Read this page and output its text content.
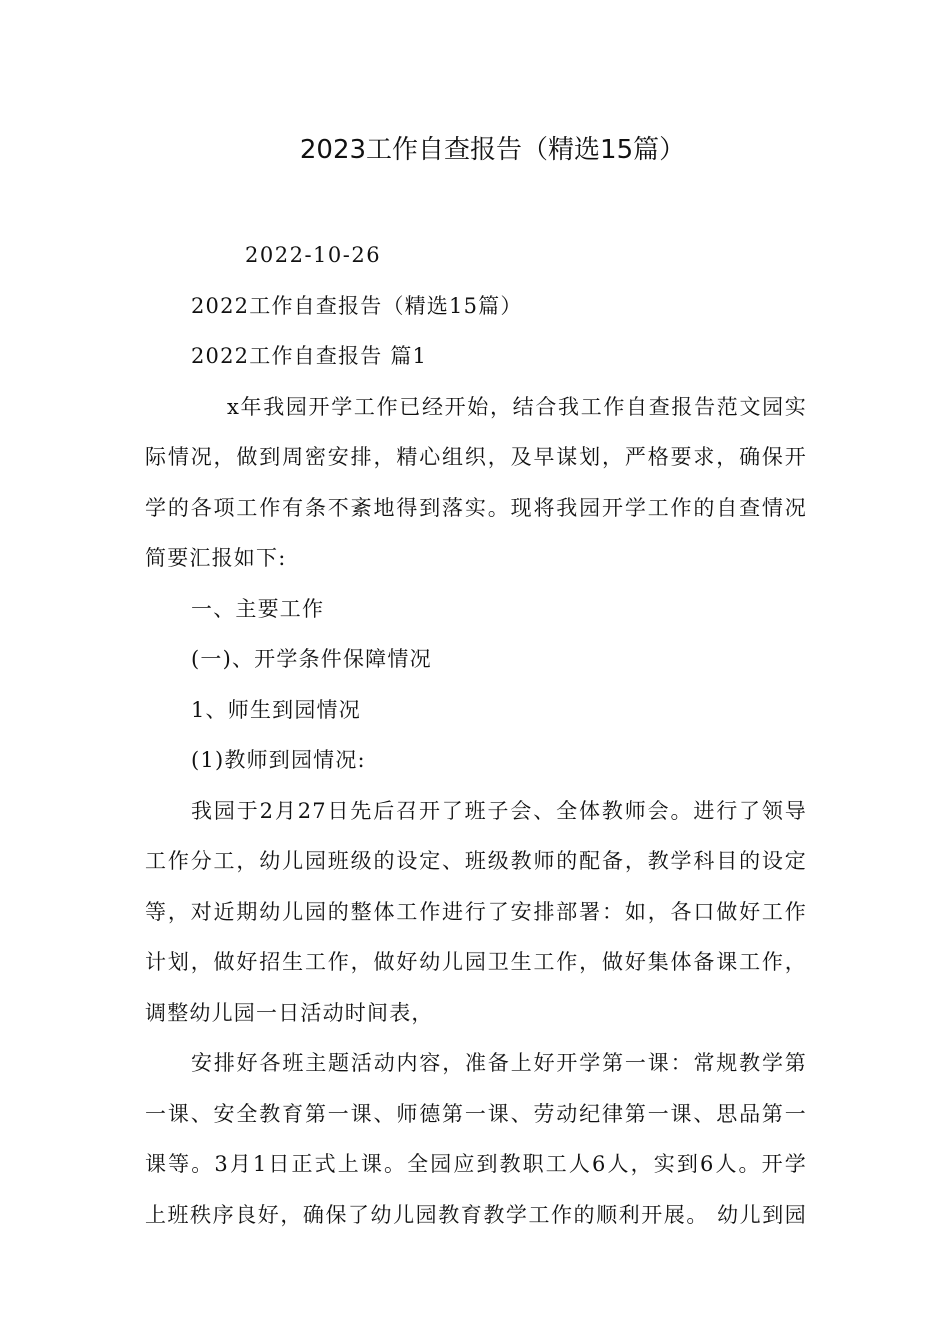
2023工作自查报告（精选15篇）
2022-10-26
2022工作自查报告（精选15篇）
2022工作自查报告 篇1
x年我园开学工作已经开始，结合我工作自查报告范文园实
际情况，做到周密安排，精心组织，及早谋划，严格要求，确保开
学的各项工作有条不紊地得到落实。现将我园开学工作的自查情况
简要汇报如下:
一、主要工作
(一)、开学条件保障情况
1、师生到园情况
(1)教师到园情况:
我园于2月27日先后召开了班子会、全体教师会。进行了领导
工作分工，幼儿园班级的设定、班级教师的配备，教学科目的设定
等，对近期幼儿园的整体工作进行了安排部署：如，各口做好工作
计划，做好招生工作，做好幼儿园卫生工作，做好集体备课工作，
调整幼儿园一日活动时间表，
安排好各班主题活动内容，准备上好开学第一课：常规教学第
一课、安全教育第一课、师德第一课、劳动纪律第一课、思品第一
课等。3月1日正式上课。全园应到教职工人6人，实到6人。开学
上班秩序良好，确保了幼儿园教育教学工作的顺利开展。 幼儿到园
